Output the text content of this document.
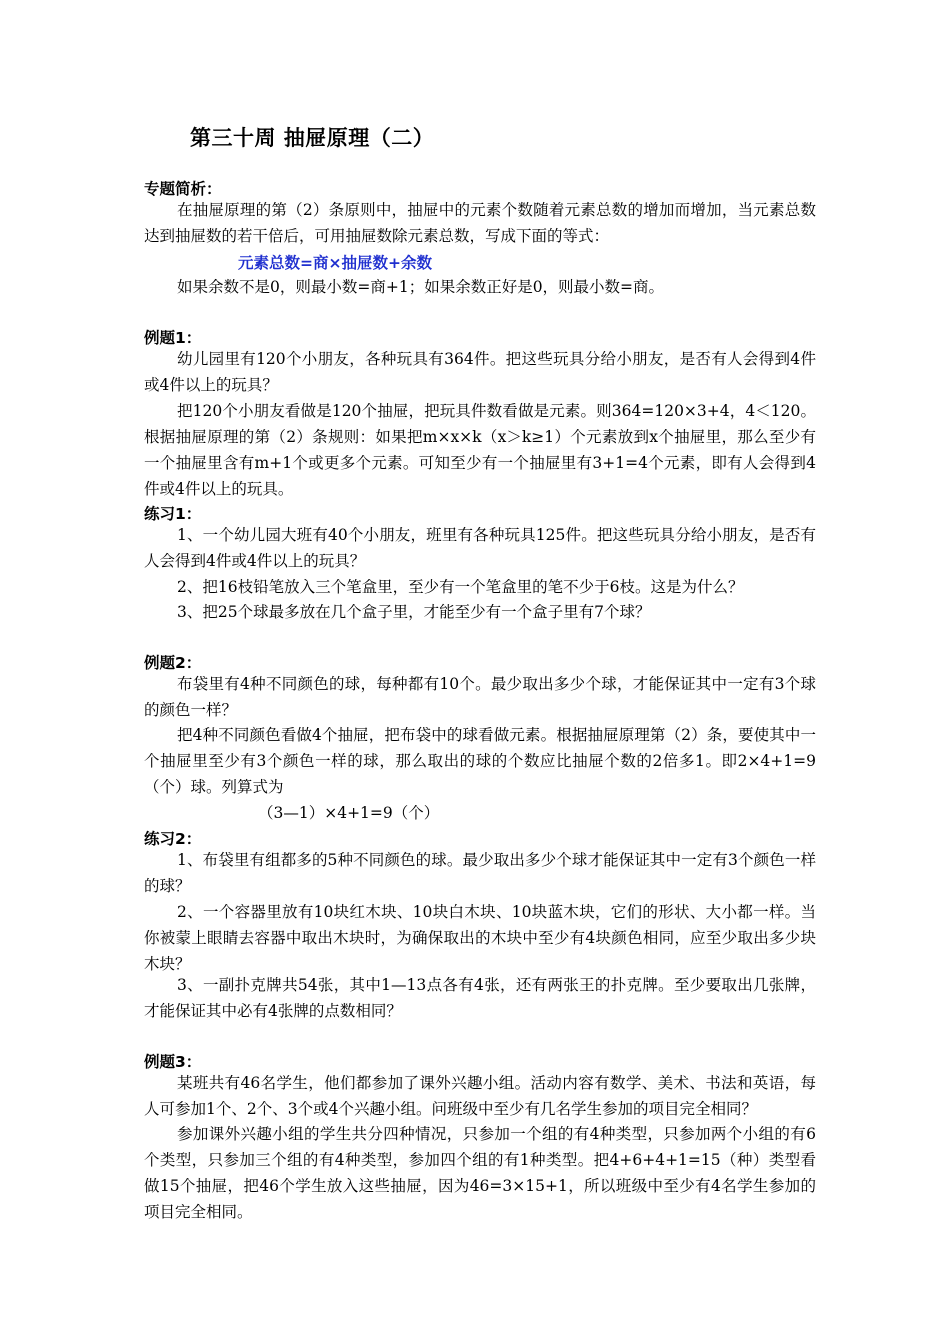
第三十周 抽屉原理（二）
专题简析：

在抽屉原理的第（2）条原则中，抽屉中的元素个数随着元素总数的增加而增加，当元素总数达到抽屉数的若干倍后，可用抽屉数除元素总数，写成下面的等式：

元素总数=商×抽屉数+余数

如果余数不是0，则最小数=商+1；如果余数正好是0，则最小数=商。

例题1：

幼儿园里有120个小朋友，各种玩具有364件。把这些玩具分给小朋友，是否有人会得到4件或4件以上的玩具？

把120个小朋友看做是120个抽屉，把玩具件数看做是元素。则364=120×3+4，4＜120。根据抽屉原理的第（2）条规则：如果把m×x×k（x＞k≥1）个元素放到x个抽屉里，那么至少有一个抽屉里含有m+1个或更多个元素。可知至少有一个抽屉里有3+1=4个元素，即有人会得到4件或4件以上的玩具。

练习1：

1、一个幼儿园大班有40个小朋友，班里有各种玩具125件。把这些玩具分给小朋友，是否有人会得到4件或4件以上的玩具？

2、把16枝铅笔放入三个笔盒里，至少有一个笔盒里的笔不少于6枝。这是为什么？

3、把25个球最多放在几个盒子里，才能至少有一个盒子里有7个球？

例题2：

布袋里有4种不同颜色的球，每种都有10个。最少取出多少个球，才能保证其中一定有3个球的颜色一样？

把4种不同颜色看做4个抽屉，把布袋中的球看做元素。根据抽屉原理第（2）条，要使其中一个抽屉里至少有3个颜色一样的球，那么取出的球的个数应比抽屉个数的2倍多1。即2×4+1=9（个）球。列算式为

（3—1）×4+1=9（个）
练习2：

1、布袋里有组都多的5种不同颜色的球。最少取出多少个球才能保证其中一定有3个颜色一样的球？

2、一个容器里放有10块红木块、10块白木块、10块蓝木块，它们的形状、大小都一样。当你被蒙上眼睛去容器中取出木块时，为确保取出的木块中至少有4块颜色相同，应至少取出多少块木块？

3、一副扑克牌共54张，其中1—13点各有4张，还有两张王的扑克牌。至少要取出几张牌，才能保证其中必有4张牌的点数相同？

例题3：

某班共有46名学生，他们都参加了课外兴趣小组。活动内容有数学、美术、书法和英语，每人可参加1个、2个、3个或4个兴趣小组。问班级中至少有几名学生参加的项目完全相同？

参加课外兴趣小组的学生共分四种情况，只参加一个组的有4种类型，只参加两个小组的有6个类型，只参加三个组的有4种类型，参加四个组的有1种类型。把4+6+4+1=15（种）类型看做15个抽屉，把46个学生放入这些抽屉，因为46=3×15+1，所以班级中至少有4名学生参加的项目完全相同。
